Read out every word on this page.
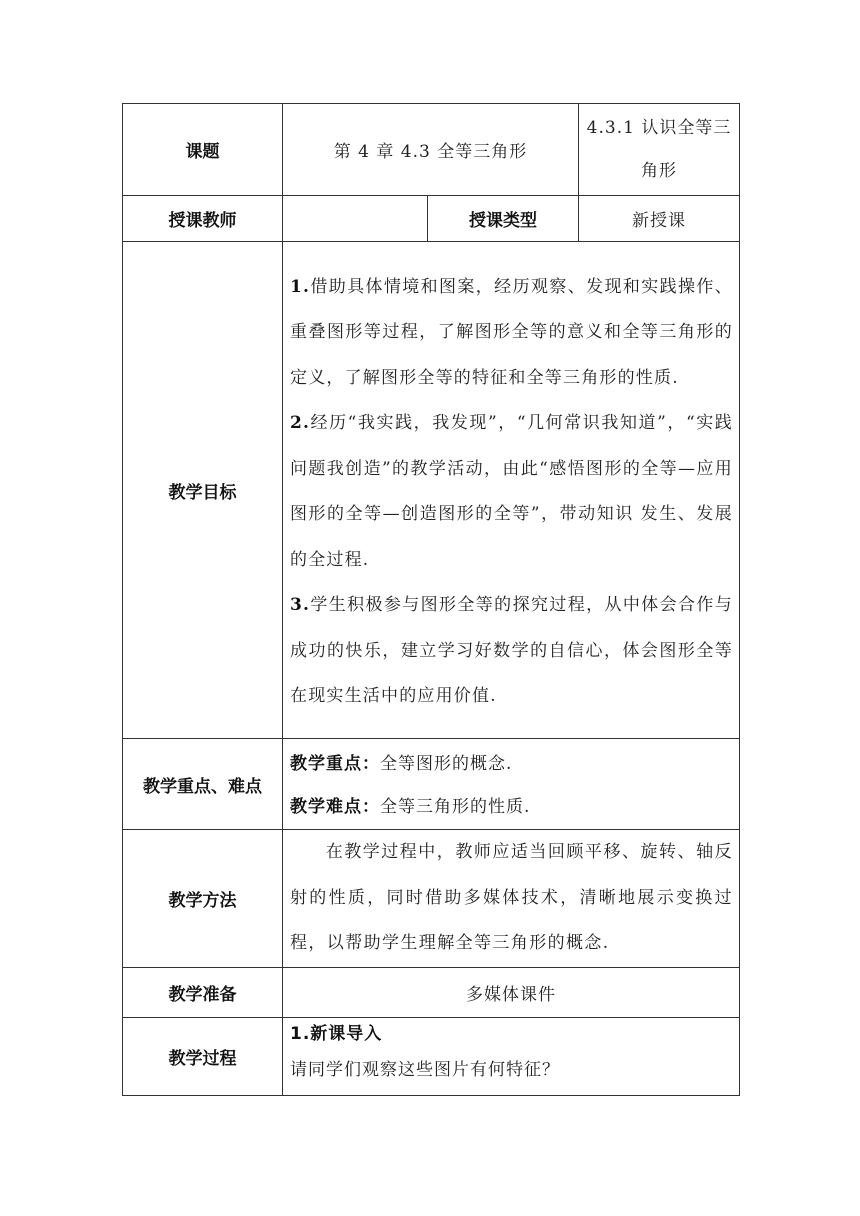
课题	第 4 章 4.3 全等三角形		4.3.1 认识全等三角形
授课教师		授课类型	新授课
教学目标	1.借助具体情境和图案，经历观察、发现和实践操作、重叠图形等过程，了解图形全等的意义和全等三角形的定义，了解图形全等的特征和全等三角形的性质.

2.经历“我实践，我发现”，“几何常识我知道”，“实践问题我创造”的教学活动，由此“感悟图形的全等—应用图形的全等—创造图形的全等”，带动知识 发生、发展的全过程.

3.学生积极参与图形全等的探究过程，从中体会合作与成功的快乐，建立学习好数学的自信心，体会图形全等在现实生活中的应用价值.		

教学重点、难点	教学重点：全等图形的概念.

教学难点：全等三角形的性质.		

教学方法	在教学过程中，教师应适当回顾平移、旋转、轴反射的性质，同时借助多媒体技术，清晰地展示变换过程，以帮助学生理解全等三角形的概念.		

教学准备	多媒体课件		
教学过程	1.新课导入

请同学们观察这些图片有何特征？		
